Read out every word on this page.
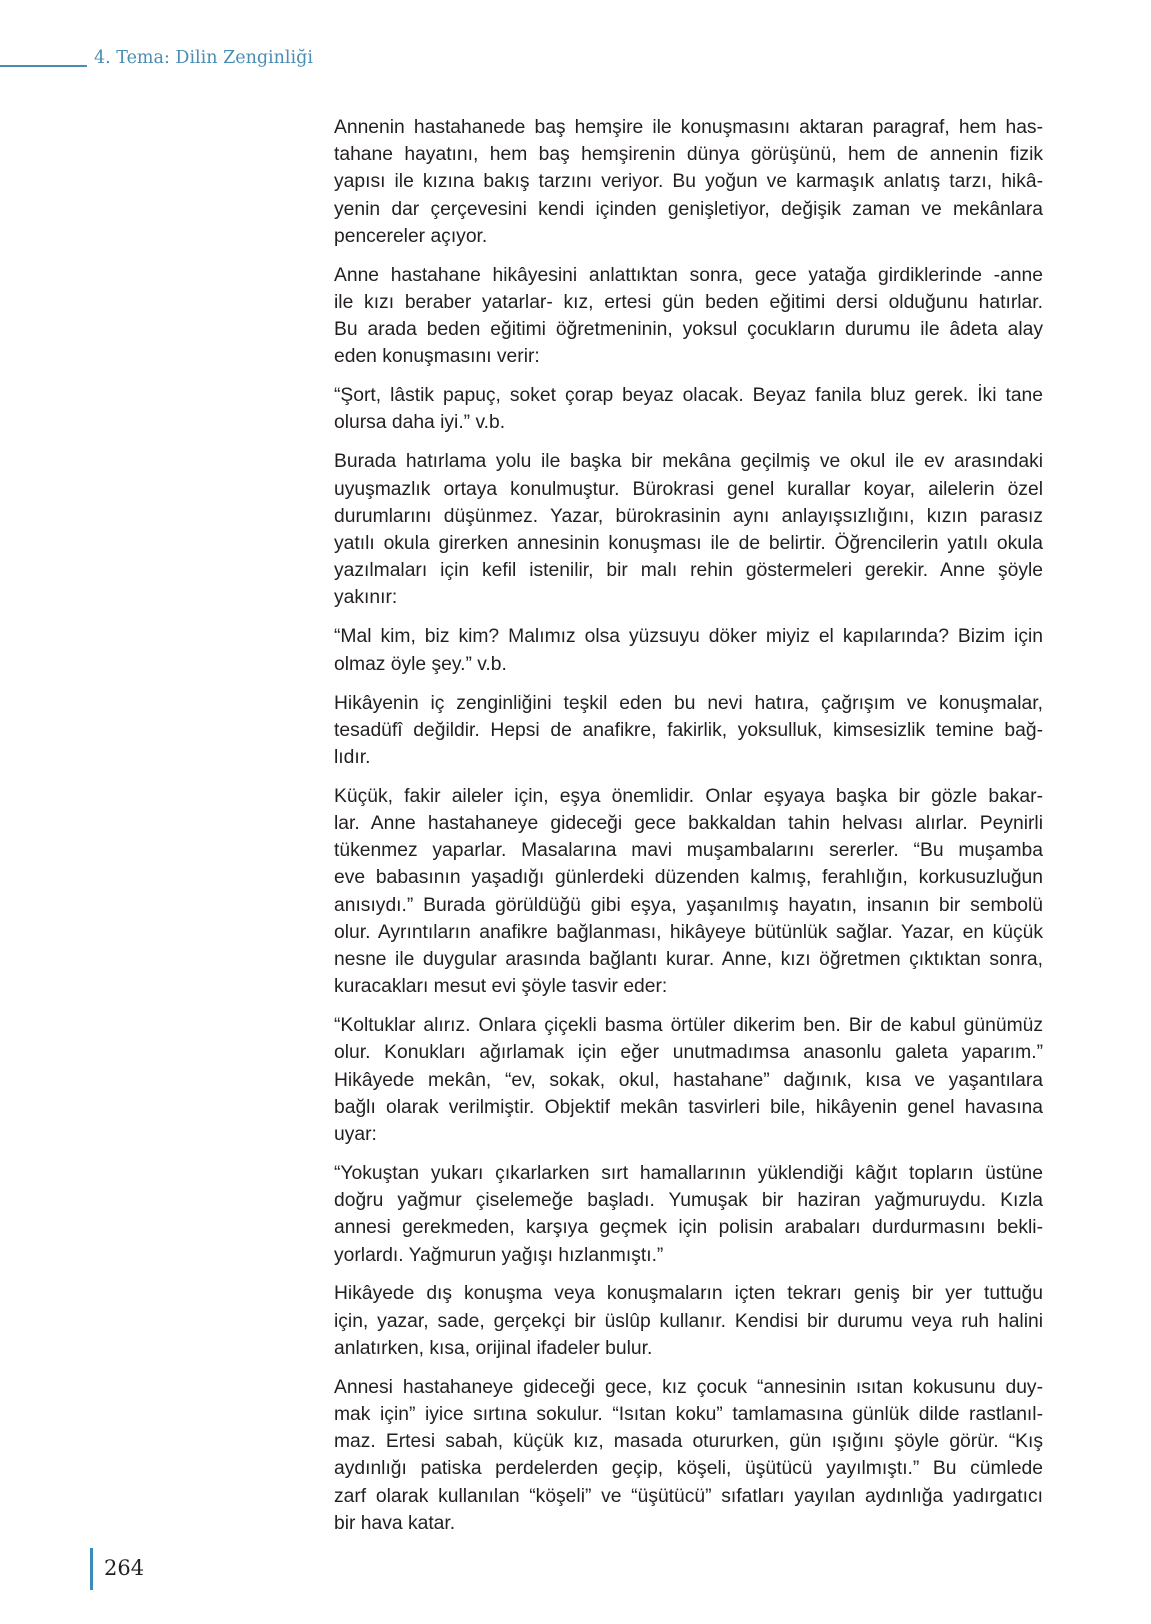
4. Tema: Dilin Zenginliği
Annenin hastahanede baş hemşire ile konuşmasını aktaran paragraf, hem has-
tahane hayatını, hem baş hemşirenin dünya görüşünü, hem de annenin fizik
yapısı ile kızına bakış tarzını veriyor. Bu yoğun ve karmaşık anlatış tarzı, hikâ-
yenin dar çerçevesini kendi içinden genişletiyor, değişik zaman ve mekânlara
pencereler açıyor.
Anne hastahane hikâyesini anlattıktan sonra, gece yatağa girdiklerinde -anne
ile kızı beraber yatarlar- kız, ertesi gün beden eğitimi dersi olduğunu hatırlar.
Bu arada beden eğitimi öğretmeninin, yoksul çocukların durumu ile âdeta alay
eden konuşmasını verir:
“Şort, lâstik papuç, soket çorap beyaz olacak. Beyaz fanila bluz gerek. İki tane
olursa daha iyi.” v.b.
Burada hatırlama yolu ile başka bir mekâna geçilmiş ve okul ile ev arasındaki
uyuşmazlık ortaya konulmuştur. Bürokrasi genel kurallar koyar, ailelerin özel
durumlarını düşünmez. Yazar, bürokrasinin aynı anlayışsızlığını, kızın parasız
yatılı okula girerken annesinin konuşması ile de belirtir. Öğrencilerin yatılı okula
yazılmaları için kefil istenilir, bir malı rehin göstermeleri gerekir. Anne şöyle
yakınır:
“Mal kim, biz kim? Malımız olsa yüzsuyu döker miyiz el kapılarında? Bizim için
olmaz öyle şey.” v.b.
Hikâyenin iç zenginliğini teşkil eden bu nevi hatıra, çağrışım ve konuşmalar,
tesadüfî değildir. Hepsi de anafikre, fakirlik, yoksulluk, kimsesizlik temine bağ-
lıdır.
Küçük, fakir aileler için, eşya önemlidir. Onlar eşyaya başka bir gözle bakar-
lar. Anne hastahaneye gideceği gece bakkaldan tahin helvası alırlar. Peynirli
tükenmez yaparlar. Masalarına mavi muşambalarını sererler. “Bu muşamba
eve babasının yaşadığı günlerdeki düzenden kalmış, ferahlığın, korkusuzluğun
anısıydı.” Burada görüldüğü gibi eşya, yaşanılmış hayatın, insanın bir sembolü
olur. Ayrıntıların anafikre bağlanması, hikâyeye bütünlük sağlar. Yazar, en küçük
nesne ile duygular arasında bağlantı kurar. Anne, kızı öğretmen çıktıktan sonra,
kuracakları mesut evi şöyle tasvir eder:
“Koltuklar alırız. Onlara çiçekli basma örtüler dikerim ben. Bir de kabul günümüz
olur. Konukları ağırlamak için eğer unutmadımsa anasonlu galeta yaparım.”
Hikâyede mekân, “ev, sokak, okul, hastahane” dağınık, kısa ve yaşantılara
bağlı olarak verilmiştir. Objektif mekân tasvirleri bile, hikâyenin genel havasına
uyar:
“Yokuştan yukarı çıkarlarken sırt hamallarının yüklendiği kâğıt topların üstüne
doğru yağmur çiselemeğe başladı. Yumuşak bir haziran yağmuruydu. Kızla
annesi gerekmeden, karşıya geçmek için polisin arabaları durdurmasını bekli-
yorlardı. Yağmurun yağışı hızlanmıştı.”
Hikâyede dış konuşma veya konuşmaların içten tekrarı geniş bir yer tuttuğu
için, yazar, sade, gerçekçi bir üslûp kullanır. Kendisi bir durumu veya ruh halini
anlatırken, kısa, orijinal ifadeler bulur.
Annesi hastahaneye gideceği gece, kız çocuk “annesinin ısıtan kokusunu duy-
mak için” iyice sırtına sokulur. “Isıtan koku” tamlamasına günlük dilde rastlanıl-
maz. Ertesi sabah, küçük kız, masada otururken, gün ışığını şöyle görür. “Kış
aydınlığı patiska perdelerden geçip, köşeli, üşütücü yayılmıştı.” Bu cümlede
zarf olarak kullanılan “köşeli” ve “üşütücü” sıfatları yayılan aydınlığa yadırgatıcı
bir hava katar.
264
